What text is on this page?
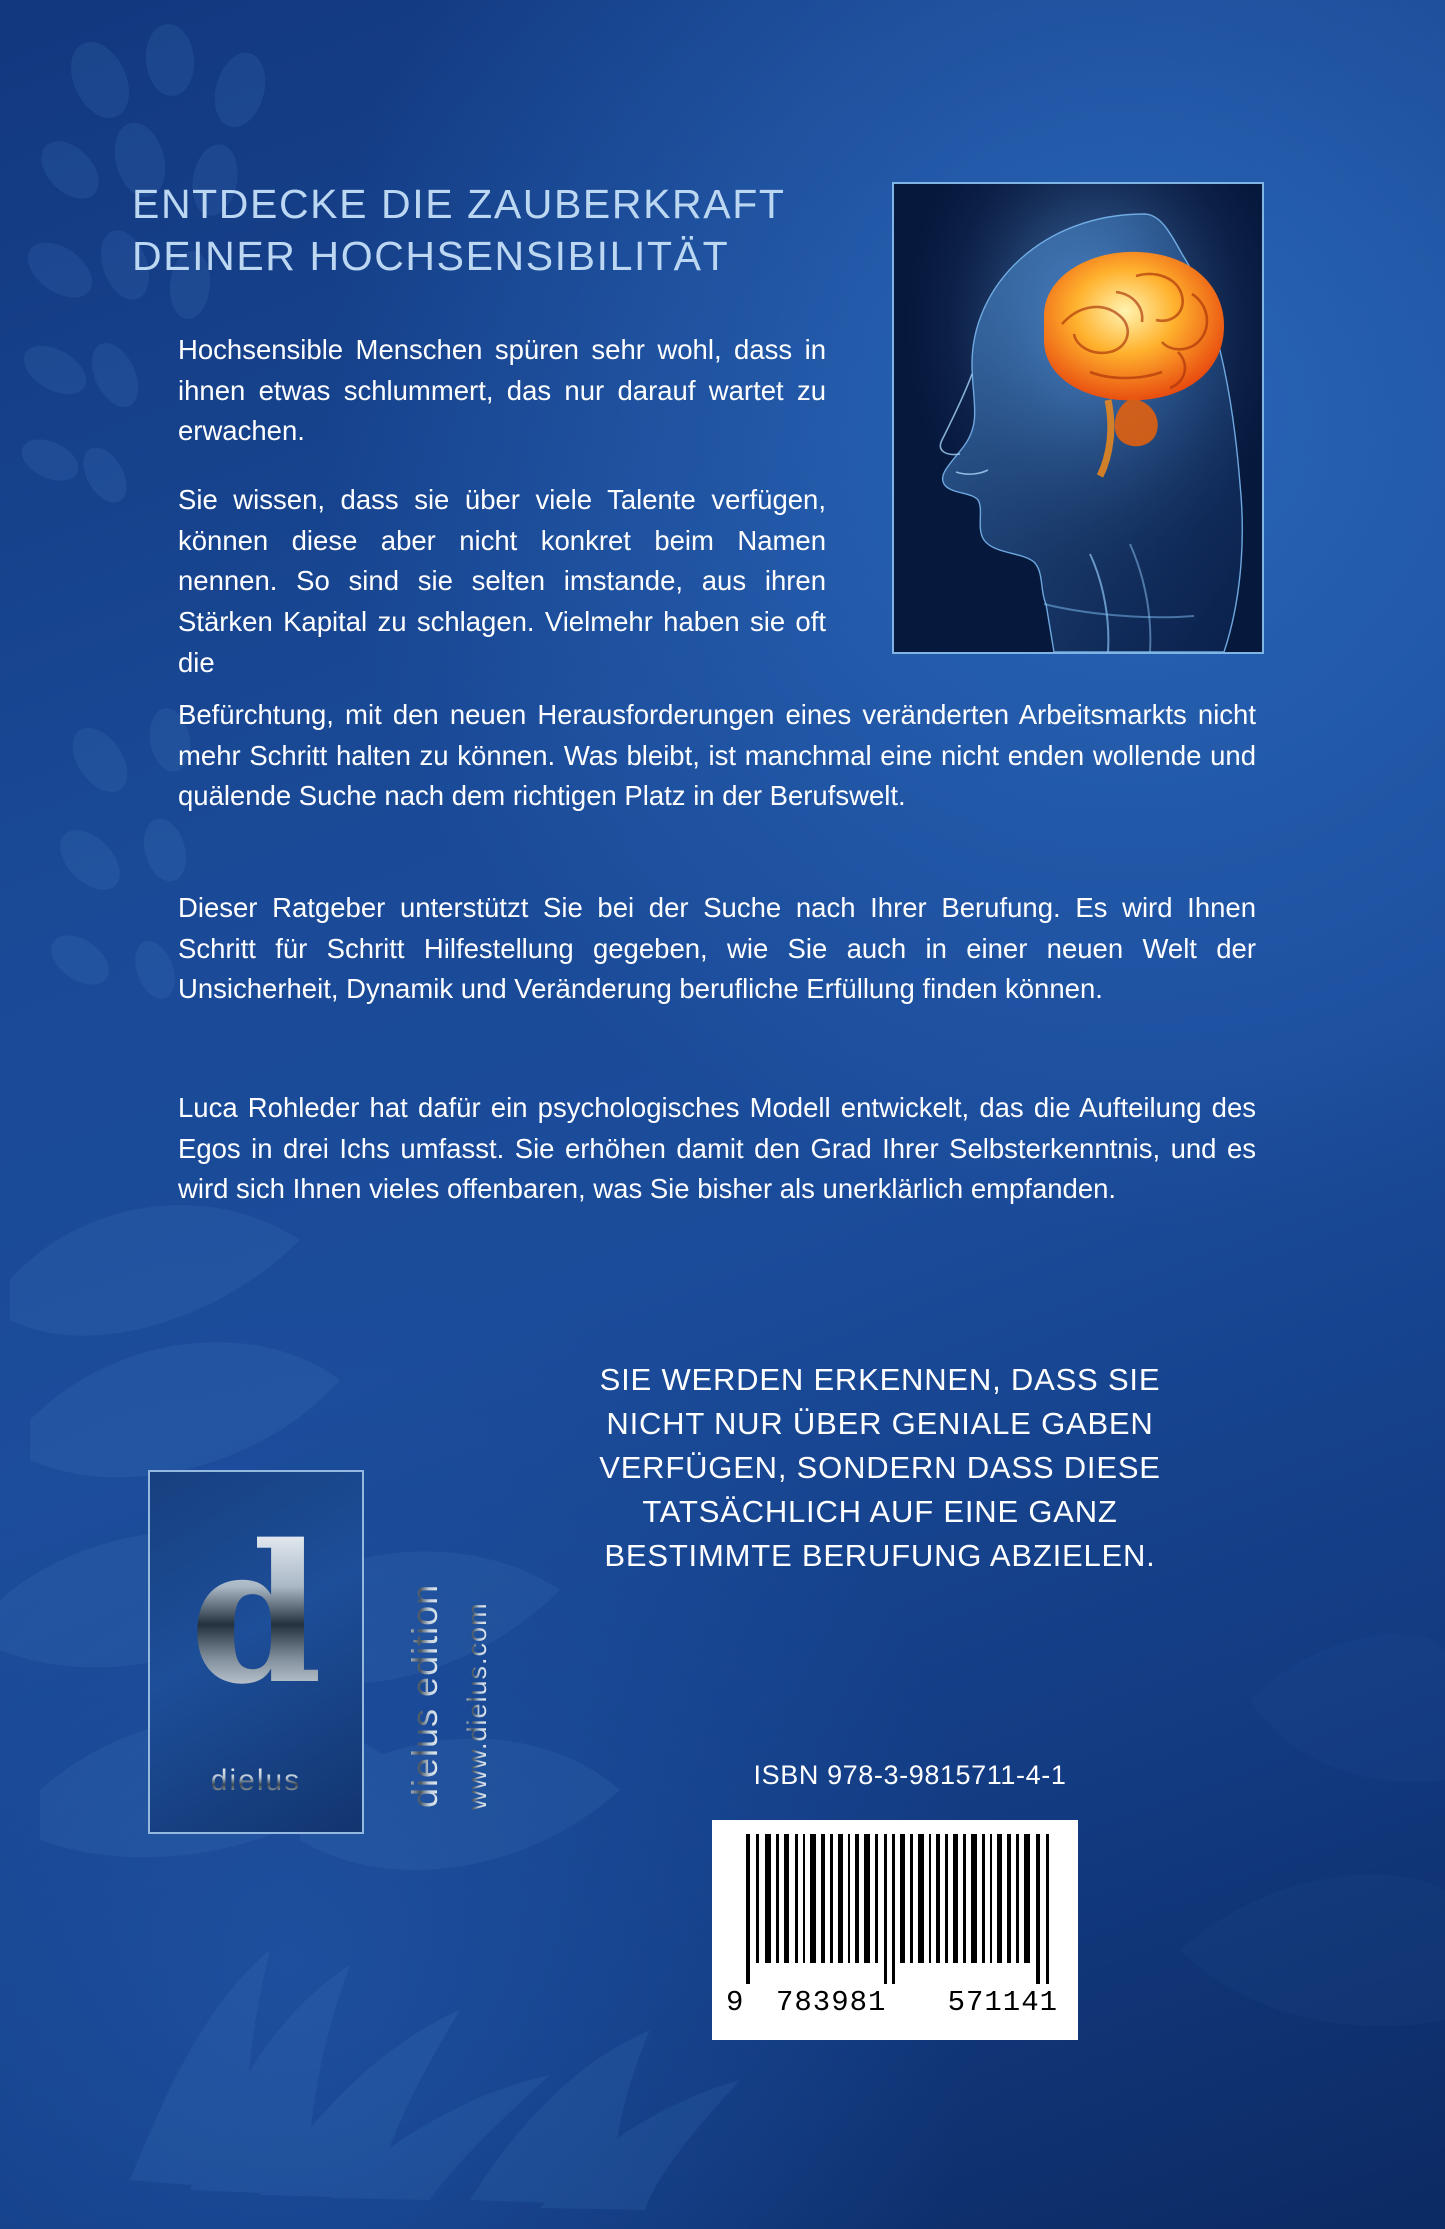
ENTDECKE DIE ZAUBERKRAFT DEINER HOCHSENSIBILITÄT
Hochsensible Menschen spüren sehr wohl, dass in ihnen etwas schlummert, das nur darauf wartet zu erwachen.
Sie wissen, dass sie über viele Talente verfügen, können diese aber nicht konkret beim Namen nennen. So sind sie selten imstande, aus ihren Stärken Kapital zu schlagen. Vielmehr haben sie oft die
Befürchtung, mit den neuen Herausforderungen eines veränderten Arbeitsmarkts nicht mehr Schritt halten zu können. Was bleibt, ist manchmal eine nicht enden wollende und quälende Suche nach dem richtigen Platz in der Berufswelt.
Dieser Ratgeber unterstützt Sie bei der Suche nach Ihrer Berufung. Es wird Ihnen Schritt für Schritt Hilfestellung gegeben, wie Sie auch in einer neuen Welt der Unsicherheit, Dynamik und Veränderung berufliche Erfüllung finden können.
Luca Rohleder hat dafür ein psychologisches Modell entwickelt, das die Aufteilung des Egos in drei Ichs umfasst. Sie erhöhen damit den Grad Ihrer Selbsterkenntnis, und es wird sich Ihnen vieles offenbaren, was Sie bisher als unerklärlich empfanden.
SIE WERDEN ERKENNEN, DASS SIE NICHT NUR ÜBER GENIALE GABEN VERFÜGEN, SONDERN DASS DIESE TATSÄCHLICH AUF EINE GANZ BESTIMMTE BERUFUNG ABZIELEN.
d
dielus	dielus edition www.dielus.com	ISBN 978-3-9815711-4-1
9 783981 571141
